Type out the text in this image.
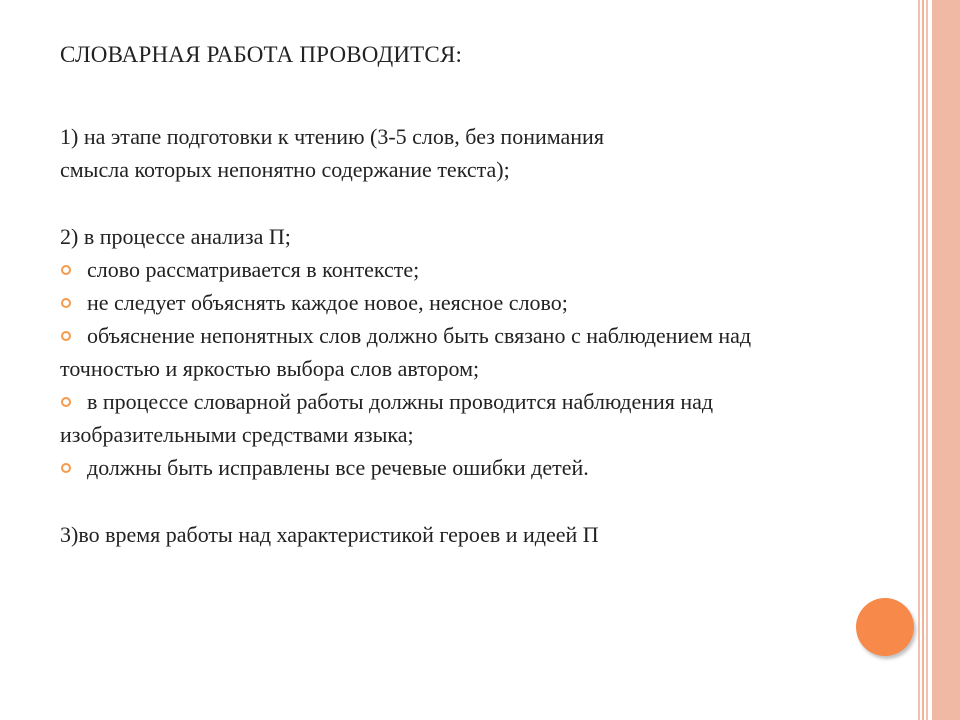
СЛОВАРНАЯ РАБОТА ПРОВОДИТСЯ:

1) на этапе подготовки к чтению (3-5 слов, без понимания

смысла которых непонятно содержание текста);

2) в процессе анализа П;

слово рассматривается в контексте;

не следует объяснять каждое новое, неясное слово;

объяснение непонятных слов должно быть связано с наблюдением над точностью и яркостью выбора слов автором;

в процессе словарной работы должны проводится наблюдения над изобразительными средствами языка;

должны быть исправлены все речевые ошибки детей.

3)во время работы над характеристикой героев и идеей П
